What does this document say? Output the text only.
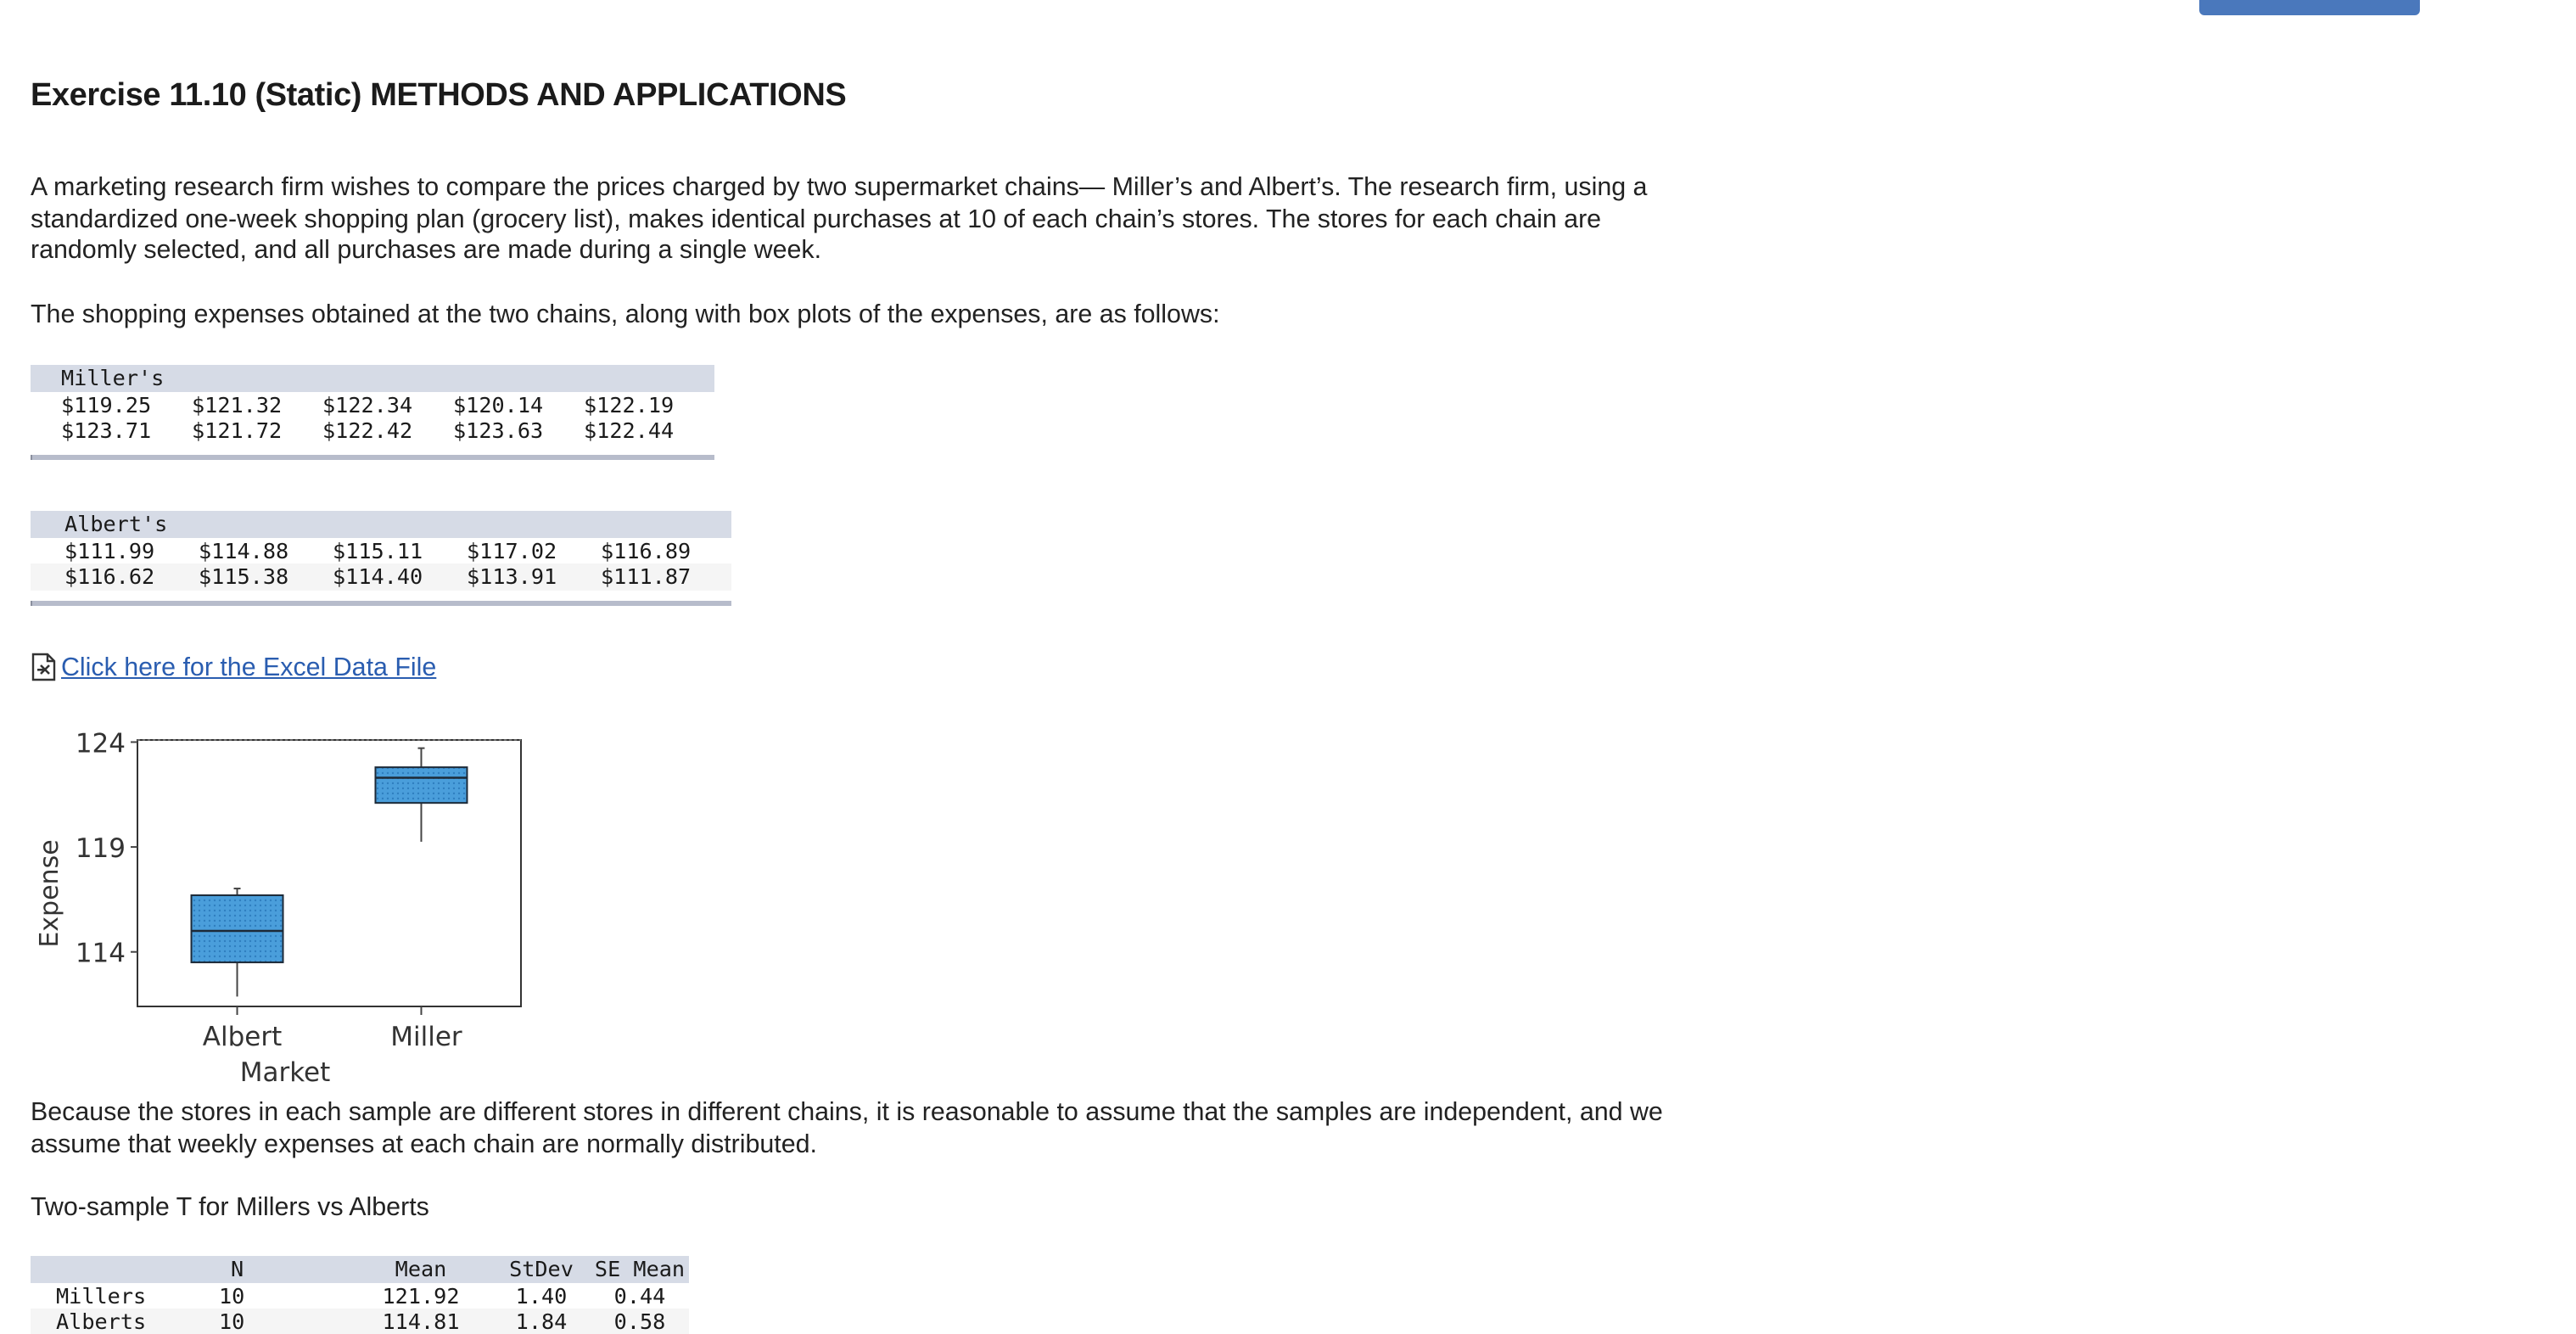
Exercise 11.10 (Static) METHODS AND APPLICATIONS
A marketing research firm wishes to compare the prices charged by two supermarket chains— Miller’s and Albert’s. The research firm, using a standardized one-week shopping plan (grocery list), makes identical purchases at 10 of each chain’s stores. The stores for each chain are randomly selected, and all purchases are made during a single week.
The shopping expenses obtained at the two chains, along with box plots of the expenses, are as follows:
Miller's				
$119.25	$121.32	$122.34	$120.14	$122.19
$123.71	$121.72	$122.42	$123.63	$122.44
Albert's				
$111.99	$114.88	$115.11	$117.02	$116.89
$116.62	$115.38	$114.40	$113.91	$111.87
Click here for the Excel Data File
114
119
124
Expense
Albert	Miller
Market
Because the stores in each sample are different stores in different chains, it is reasonable to assume that the samples are independent, and we assume that weekly expenses at each chain are normally distributed.
Two-sample T for Millers vs Alberts
	N	Mean	StDev	SE Mean
Millers	10	121.92	1.40	0.44
Alberts	10	114.81	1.84	0.58
